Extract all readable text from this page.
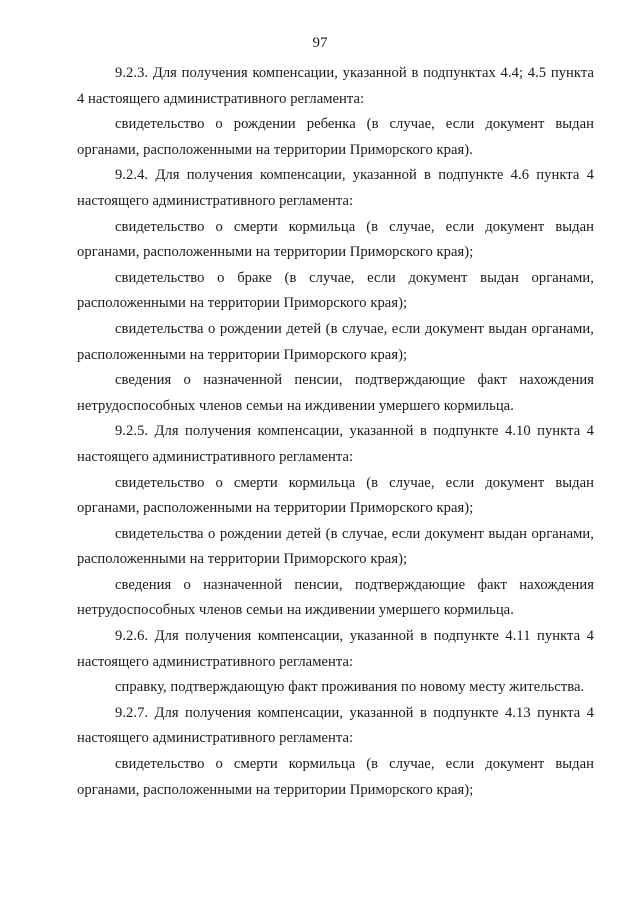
97

9.2.3. Для получения компенсации, указанной в подпунктах 4.4; 4.5 пункта 4 настоящего административного регламента:

свидетельство о рождении ребенка (в случае, если документ выдан органами, расположенными на территории Приморского края).

9.2.4. Для получения компенсации, указанной в подпункте 4.6 пункта 4 настоящего административного регламента:

свидетельство о смерти кормильца (в случае, если документ выдан органами, расположенными на территории Приморского края);

свидетельство о браке (в случае, если документ выдан органами, расположенными на территории Приморского края);

свидетельства о рождении детей (в случае, если документ выдан органами, расположенными на территории Приморского края);

сведения о назначенной пенсии, подтверждающие факт нахождения нетрудоспособных членов семьи на иждивении умершего кормильца.

9.2.5. Для получения компенсации, указанной в подпункте 4.10 пункта 4 настоящего административного регламента:

свидетельство о смерти кормильца (в случае, если документ выдан органами, расположенными на территории Приморского края);

свидетельства о рождении детей (в случае, если документ выдан органами, расположенными на территории Приморского края);

сведения о назначенной пенсии, подтверждающие факт нахождения нетрудоспособных членов семьи на иждивении умершего кормильца.

9.2.6. Для получения компенсации, указанной в подпункте 4.11 пункта 4 настоящего административного регламента:

справку, подтверждающую факт проживания по новому месту жительства.

9.2.7. Для получения компенсации, указанной в подпункте 4.13 пункта 4 настоящего административного регламента:

свидетельство о смерти кормильца (в случае, если документ выдан органами, расположенными на территории Приморского края);
